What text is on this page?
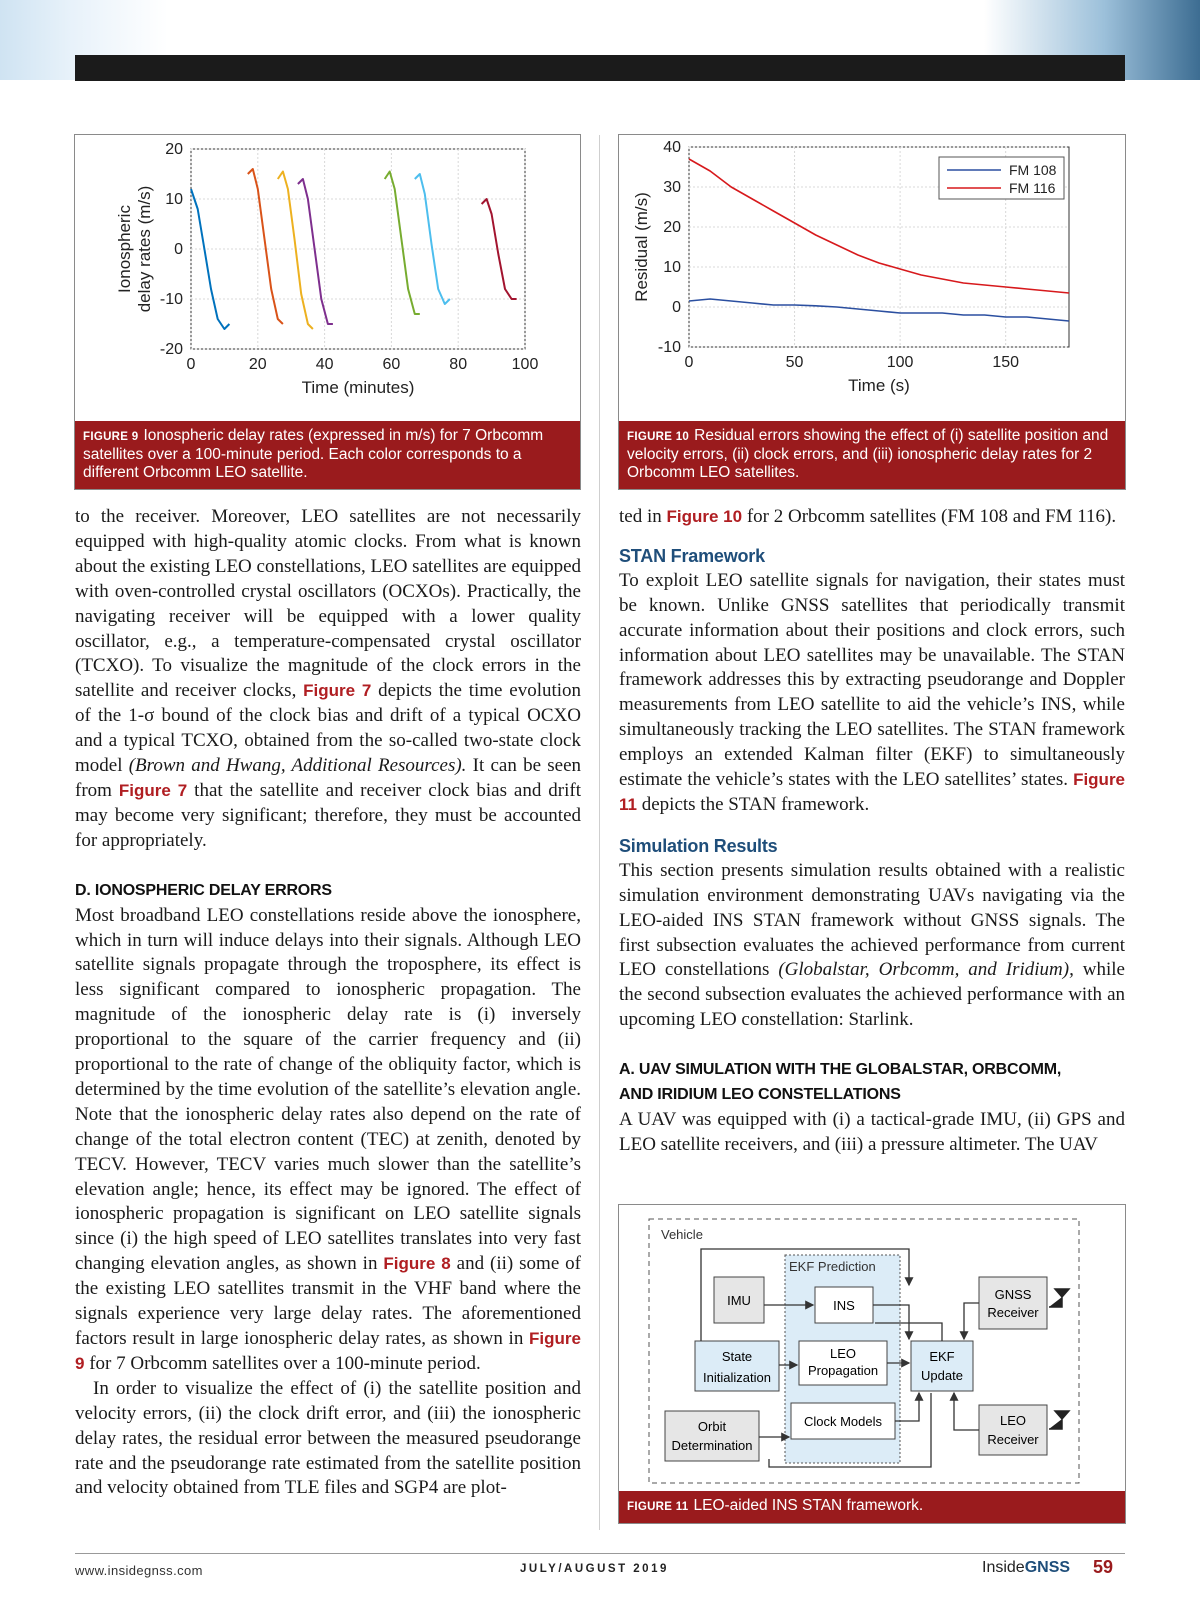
0	20	40	60	80	100
20
10
0
-10
-20
Time (minutes)
Ionosphericdelay rates (m/s)
FIGURE 9 Ionospheric delay rates (expressed in m/s) for 7 Orbcomm satellites over a 100-minute period. Each color corresponds to a different Orbcomm LEO satellite.
0	50	100	150
40
30
20
10
0
-10
Time (s)
Residual (m/s)
FM 108
FM 116
FIGURE 10 Residual errors showing the effect of (i) satellite position and velocity errors, (ii) clock errors, and (iii) ionospheric delay rates for 2 Orbcomm LEO satellites.

to the receiver. Moreover, LEO satellites are not necessarily equipped with high-quality atomic clocks. From what is known about the existing LEO constellations, LEO satellites are equipped with oven-controlled crystal oscillators (OCXOs). Practically, the navigating receiver will be equipped with a lower quality oscillator, e.g., a temperature-compensated crystal oscillator (TCXO). To visualize the magnitude of the clock errors in the satellite and receiver clocks, Figure 7 depicts the time evolution of the 1-σ bound of the clock bias and drift of a typical OCXO and a typical TCXO, obtained from the so-called two-state clock model (Brown and Hwang, Additional Resources). It can be seen from Figure 7 that the satellite and receiver clock bias and drift may become very significant; therefore, they must be accounted for appropriately.

D. IONOSPHERIC DELAY ERRORS

Most broadband LEO constellations reside above the ionosphere, which in turn will induce delays into their signals. Although LEO satellite signals propagate through the troposphere, its effect is less significant compared to ionospheric propagation. The magnitude of the ionospheric delay rate is (i) inversely proportional to the square of the carrier frequency and (ii) proportional to the rate of change of the obliquity factor, which is determined by the time evolution of the satellite’s elevation angle. Note that the ionospheric delay rates also depend on the rate of change of the total electron content (TEC) at zenith, denoted by TECV. However, TECV varies much slower than the satellite’s elevation angle; hence, its effect may be ignored. The effect of ionospheric propagation is significant on LEO satellite signals since (i) the high speed of LEO satellites translates into very fast changing elevation angles, as shown in Figure 8 and (ii) some of the existing LEO satellites transmit in the VHF band where the signals experience very large delay rates. The aforementioned factors result in large ionospheric delay rates, as shown in Figure 9 for 7 Orbcomm satellites over a 100-minute period.

In order to visualize the effect of (i) the satellite position and velocity errors, (ii) the clock drift error, and (iii) the ionospheric delay rates, the residual error between the measured pseudorange rate and the pseudorange rate estimated from the satellite position and velocity obtained from TLE files and SGP4 are plot-

ted in Figure 10 for 2 Orbcomm satellites (FM 108 and FM 116).

STAN Framework

To exploit LEO satellite signals for navigation, their states must be known. Unlike GNSS satellites that periodically transmit accurate information about their positions and clock errors, such information about LEO satellites may be unavailable. The STAN framework addresses this by extracting pseudorange and Doppler measurements from LEO satellite to aid the vehicle’s INS, while simultaneously tracking the LEO satellites. The STAN framework employs an extended Kalman filter (EKF) to simultaneously estimate the vehicle’s states with the LEO satellites’ states. Figure 11 depicts the STAN framework.

Simulation Results

This section presents simulation results obtained with a realistic simulation environment demonstrating UAVs navigating via the LEO-aided INS STAN framework without GNSS signals. The first subsection evaluates the achieved performance from current LEO constellations (Globalstar, Orbcomm, and Iridium), while the second subsection evaluates the achieved performance with an upcoming LEO constellation: Starlink.

A. UAV SIMULATION WITH THE GLOBALSTAR, ORBCOMM,
AND IRIDIUM LEO CONSTELLATIONS

A UAV was equipped with (i) a tactical-grade IMU, (ii) GPS and LEO satellite receivers, and (iii) a pressure altimeter. The UAV

Vehicle
EKF Prediction
IMU	INS
GNSS
Receiver
State
Initialization
LEO
Propagation
EKF
Update
Clock Models
Orbit
Determination
LEO
Receiver
FIGURE 11 LEO-aided INS STAN framework.
www.insidegnss.com	JULY/AUGUST 2019	InsideGNSS 59
